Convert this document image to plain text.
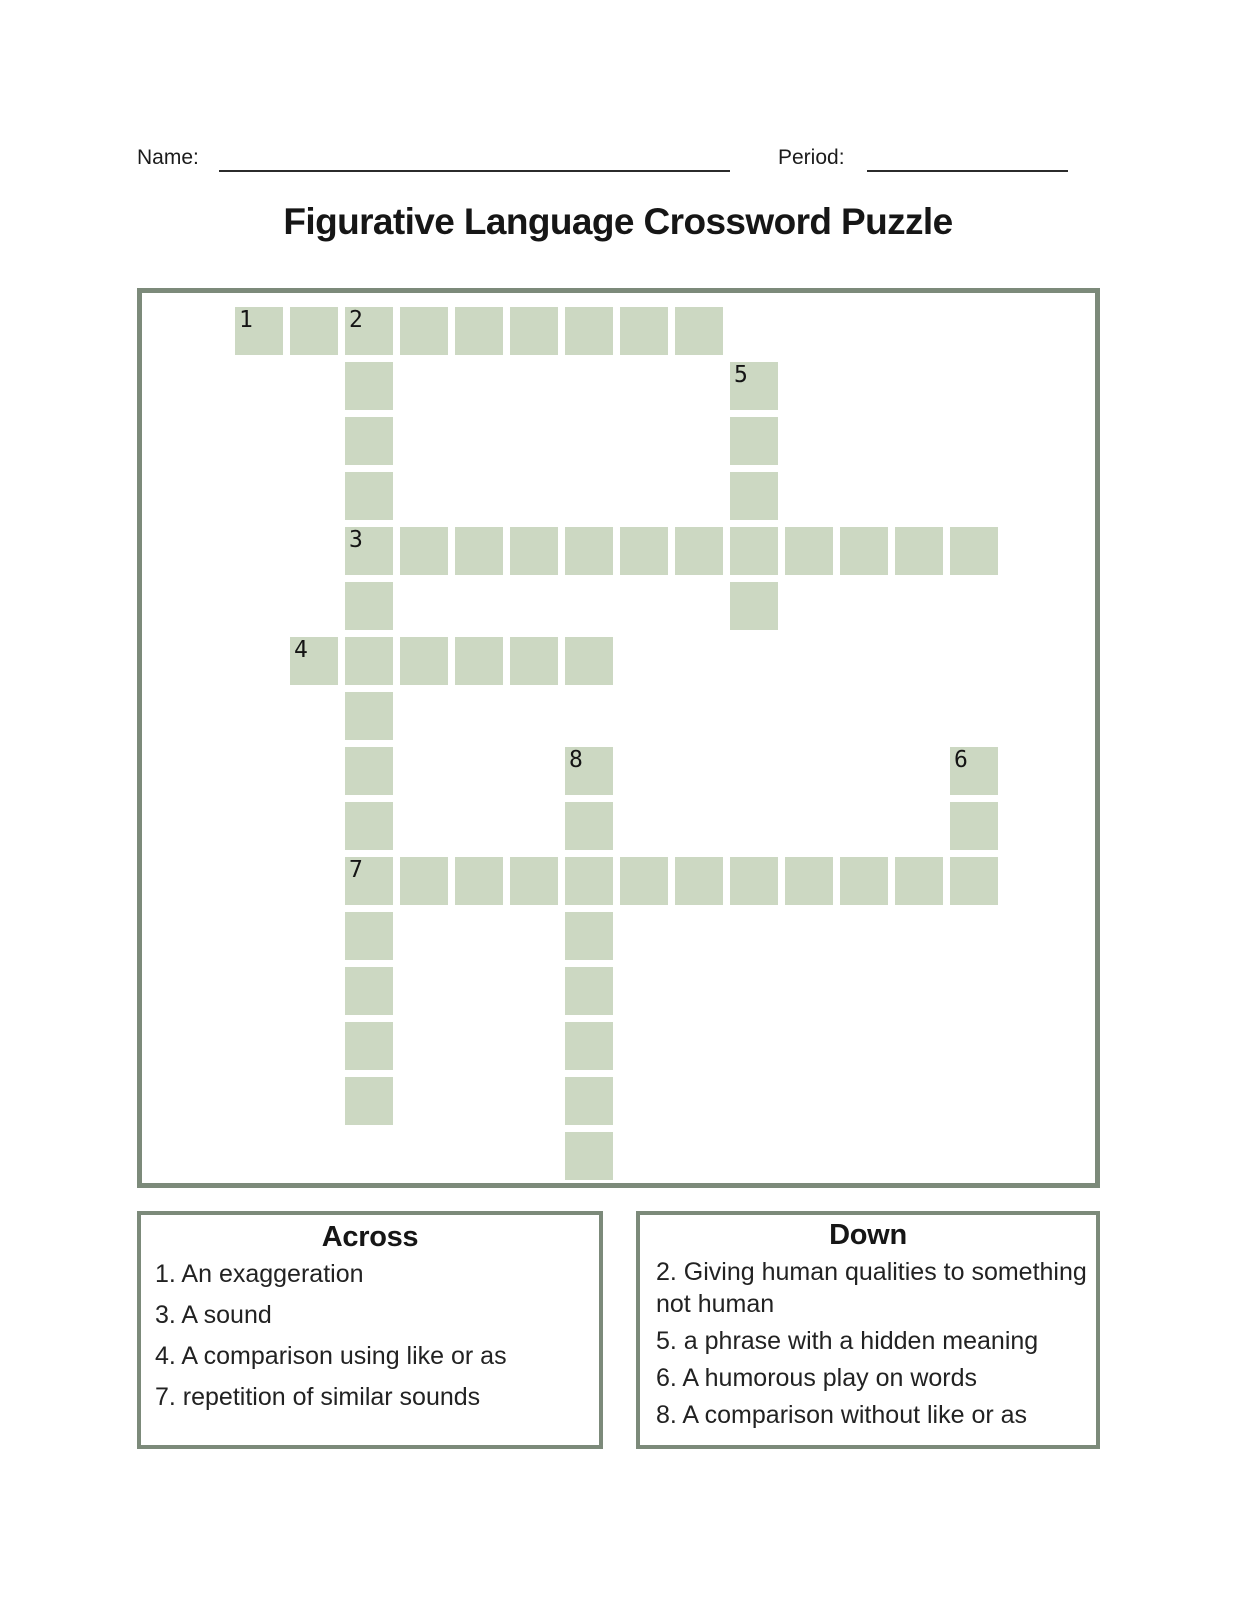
Name:	Period:
Figurative Language Crossword Puzzle
1	2
5
3
4
8	6
7
Across
1. An exaggeration
3. A sound
4. A comparison using like or as
7. repetition of similar sounds
Down
2. Giving human qualities to something not human
5. a phrase with a hidden meaning
6. A humorous play on words
8. A comparison without like or as
